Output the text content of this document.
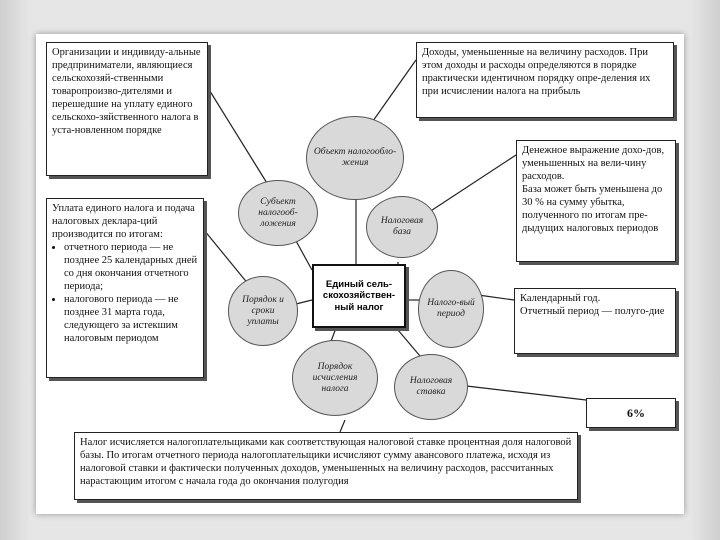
Организации и индивиду-альные предприниматели, являющиеся сельскохозяй-ственными товаропроизво-дителями и перешедшие на уплату единого сельскохо-зяйственного налога в уста-новленном порядке
Доходы, уменьшенные на величину расходов. При этом доходы и расходы определяются в порядке практически идентичном порядку опре-деления их при исчислении налога на прибыль
Денежное выражение дохо-дов, уменьшенных на вели-чину расходов.
База может быть уменьшена до 30 % на сумму убытка, полученного по итогам пре-дыдущих налоговых периодов
Уплата единого налога и подача налоговых деклара-ций производится по итогам:
• отчетного периода — не позднее 25 календарных дней со дня окончания отчетного периода;
• налогового периода — не позднее 31 марта года, следующего за истекшим налоговым периодом
Календарный год.
Отчетный период — полуго-дие
6%
Налог исчисляется налогоплательщиками как соответствующая налоговой ставке процентная доля налоговой базы. По итогам отчетного периода налогоплательщики исчисляют сумму авансового платежа, исходя из налоговой ставки и фактически полученных доходов, уменьшенных на величину расходов, рассчитанных нарастающим итогом с начала года до окончания полугодия
Объект налогообло-жения
Субъект налогооб-ложения	Налоговая база
Налого-вый период
Порядок и сроки уплаты
Порядок исчисления налога
Налоговая ставка
Единый сель-скохозяйствен-ный налог
